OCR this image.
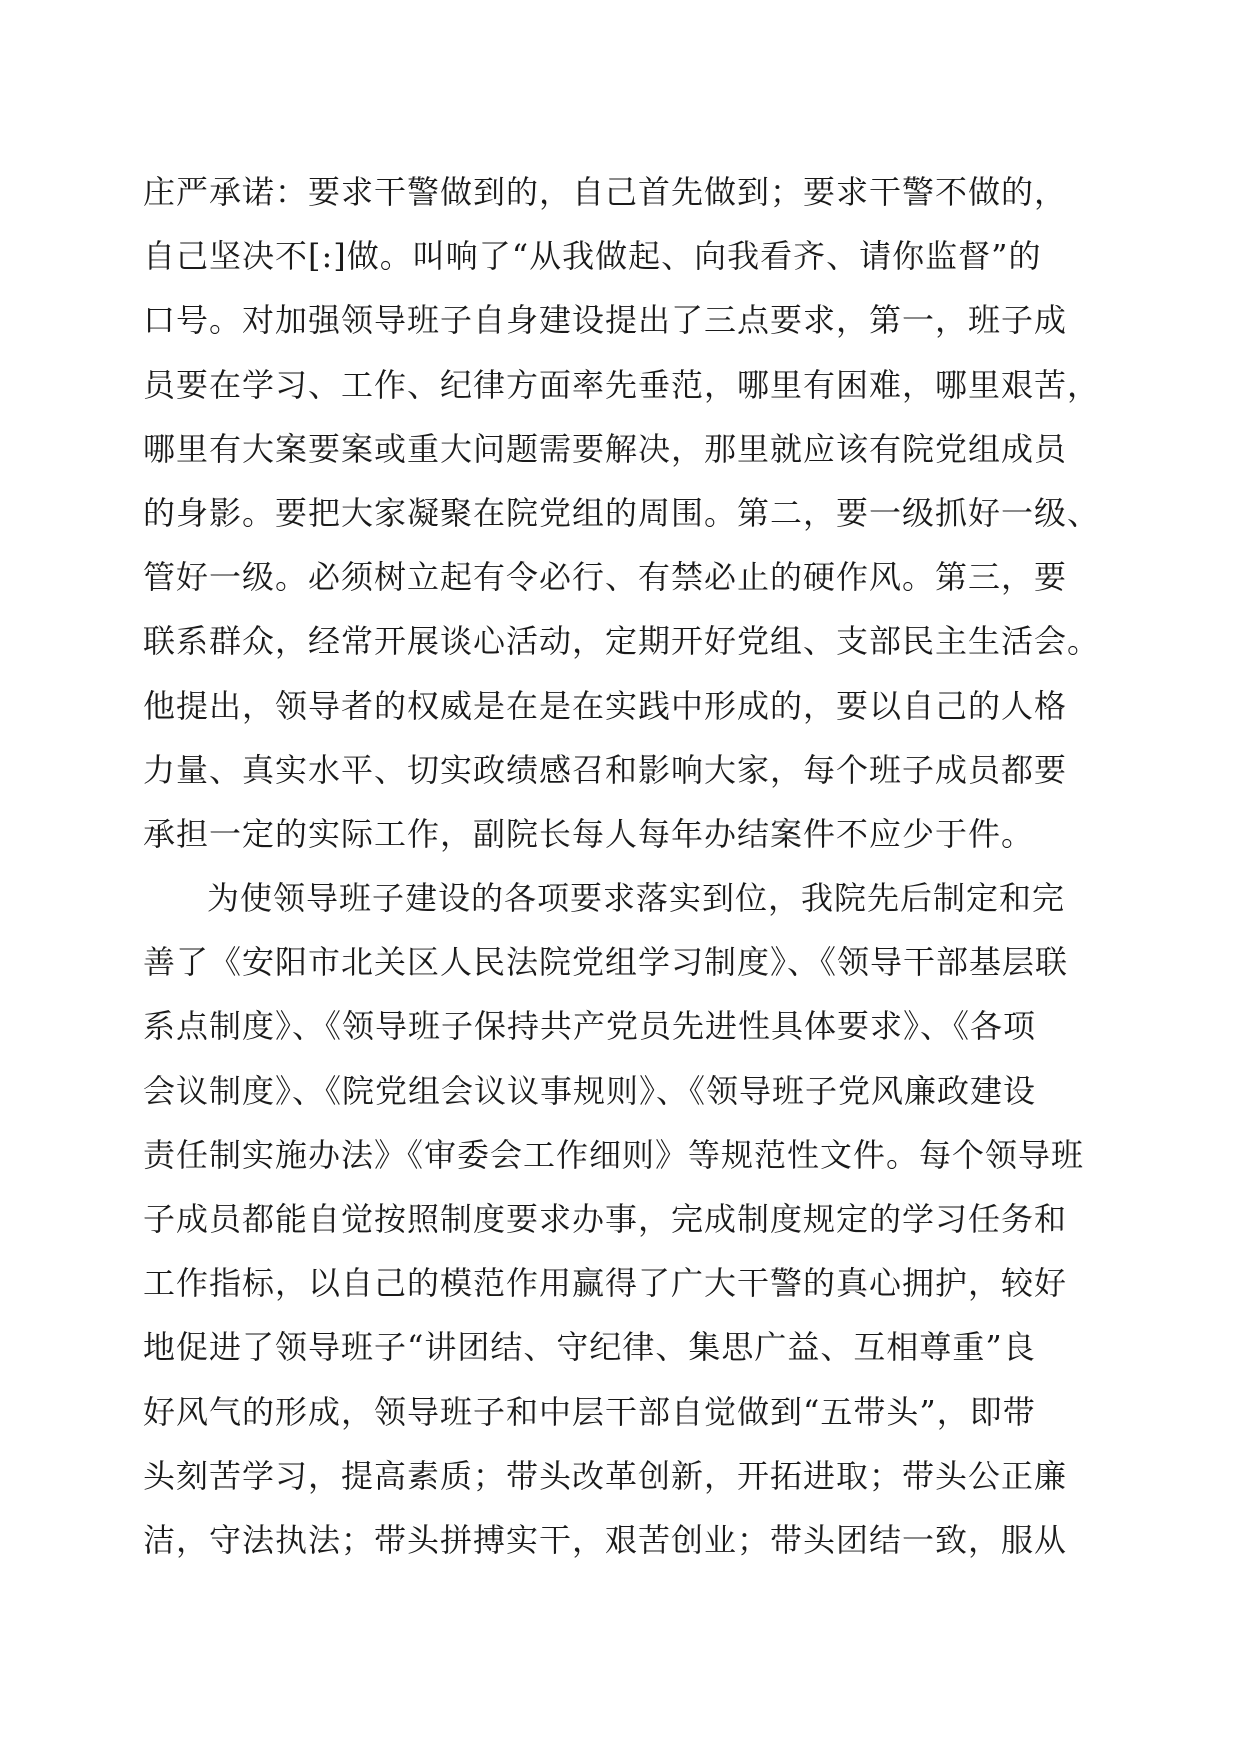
庄严承诺：要求干警做到的，自己首先做到；要求干警不做的，
自己坚决不[:]做。叫响了“从我做起、向我看齐、请你监督”的
口号。对加强领导班子自身建设提出了三点要求，第一，班子成
员要在学习、工作、纪律方面率先垂范，哪里有困难，哪里艰苦，
哪里有大案要案或重大问题需要解决，那里就应该有院党组成员
的身影。要把大家凝聚在院党组的周围。第二，要一级抓好一级、
管好一级。必须树立起有令必行、有禁必止的硬作风。第三，要
联系群众，经常开展谈心活动，定期开好党组、支部民主生活会。
他提出，领导者的权威是在是在实践中形成的，要以自己的人格
力量、真实水平、切实政绩感召和影响大家，每个班子成员都要
承担一定的实际工作，副院长每人每年办结案件不应少于件。
为使领导班子建设的各项要求落实到位，我院先后制定和完
善了《安阳市北关区人民法院党组学习制度》、《领导干部基层联
系点制度》、《领导班子保持共产党员先进性具体要求》、《各项
会议制度》、《院党组会议议事规则》、《领导班子党风廉政建设
责任制实施办法》《审委会工作细则》等规范性文件。每个领导班
子成员都能自觉按照制度要求办事，完成制度规定的学习任务和
工作指标，以自己的模范作用赢得了广大干警的真心拥护，较好
地促进了领导班子“讲团结、守纪律、集思广益、互相尊重”良
好风气的形成，领导班子和中层干部自觉做到“五带头”，即带
头刻苦学习，提高素质；带头改革创新，开拓进取；带头公正廉
洁，守法执法；带头拼搏实干，艰苦创业；带头团结一致，服从
